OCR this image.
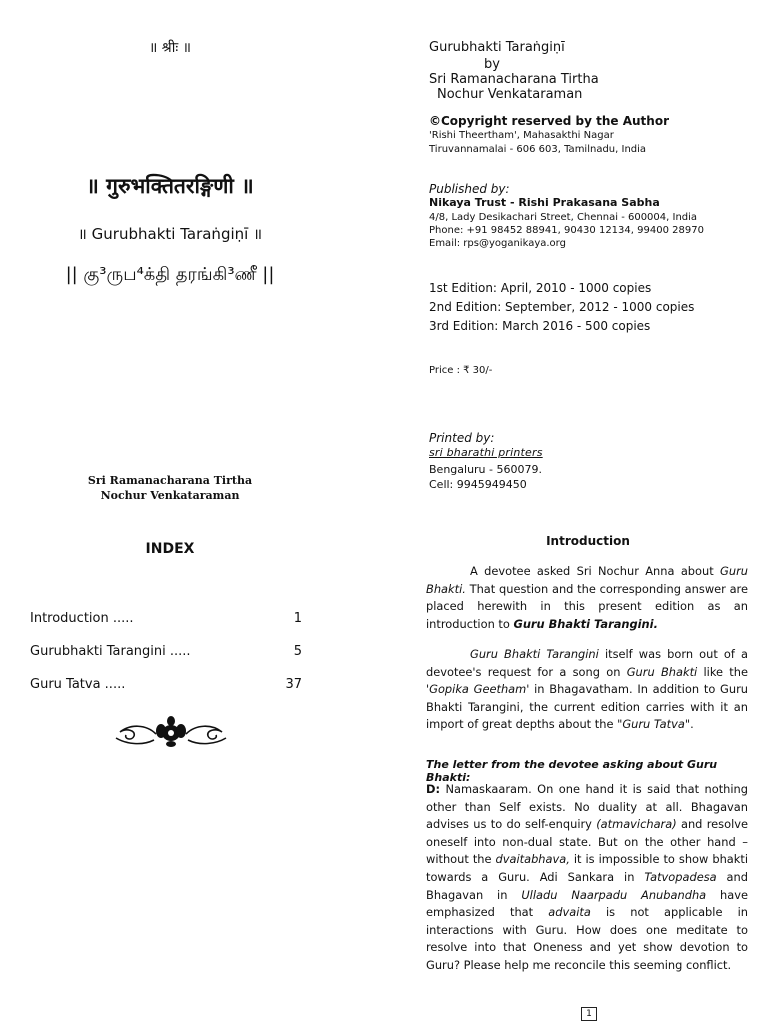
॥ श्रीः ॥
॥ गुरुभक्तितरङ्गिणी ॥
॥ Gurubhakti Taraṅgiṇī ॥
|| கு³ருப⁴க்தி தரங்கி³ணீ ||
Sri Ramanacharana Tirtha
Nochur Venkataraman
INDEX
Introduction .....	1
Gurubhakti Tarangini .....	5
Guru Tatva .....	37
Gurubhakti Taraṅgiṇī
by
Sri Ramanacharana Tirtha
Nochur Venkataraman
©Copyright reserved by the Author
'Rishi Theertham', Mahasakthi Nagar
Tiruvannamalai - 606 603, Tamilnadu, India
Published by:
Nikaya Trust - Rishi Prakasana Sabha
4/8, Lady Desikachari Street, Chennai - 600004, India
Phone: +91 98452 88941, 90430 12134, 99400 28970
Email: rps@yoganikaya.org
1st Edition: April, 2010 - 1000 copies
2nd Edition: September, 2012 - 1000 copies
3rd Edition: March 2016 - 500 copies
Price : ₹ 30/-
Printed by:
sri bharathi printers
Bengaluru - 560079.
Cell: 9945949450
Introduction
A devotee asked Sri Nochur Anna about Guru Bhakti. That question and the corresponding answer are placed herewith in this present edition as an introduction to Guru Bhakti Tarangini.
Guru Bhakti Tarangini itself was born out of a devotee's request for a song on Guru Bhakti like the 'Gopika Geetham' in Bhagavatham. In addition to Guru Bhakti Tarangini, the current edition carries with it an import of great depths about the "Guru Tatva".
The letter from the devotee asking about Guru Bhakti:
D: Namaskaaram. On one hand it is said that nothing other than Self exists. No duality at all. Bhagavan advises us to do self-enquiry (atmavichara) and resolve oneself into non-dual state. But on the other hand – without the dvaitabhava, it is impossible to show bhakti towards a Guru. Adi Sankara in Tatvopadesa and Bhagavan in Ulladu Naarpadu Anubandha have emphasized that advaita is not applicable in interactions with Guru. How does one meditate to resolve into that Oneness and yet show devotion to Guru? Please help me reconcile this seeming conflict.
1
